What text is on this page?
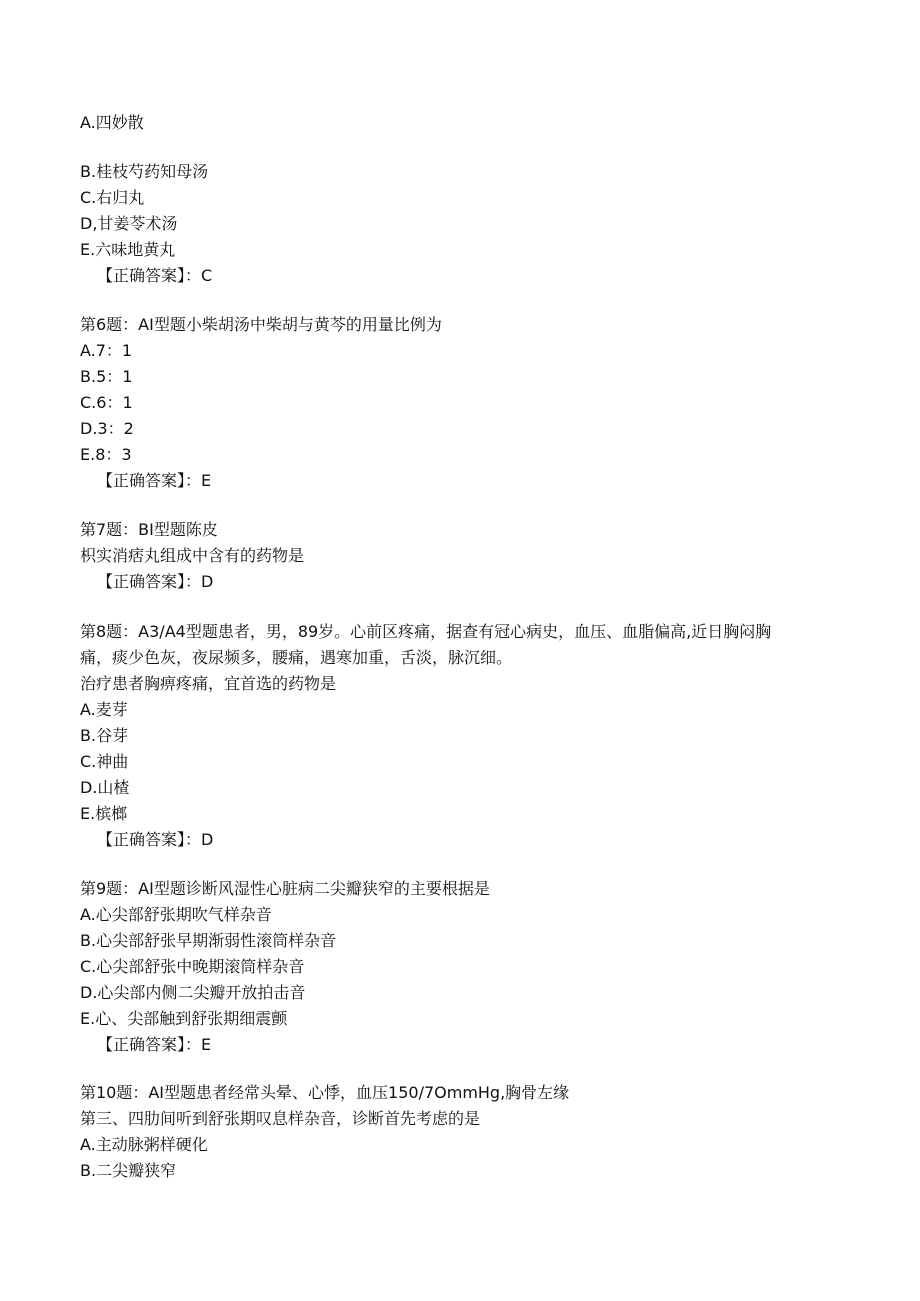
A.四妙散

B.桂枝芍药知母汤

C.右归丸

D,甘姜苓术汤

E.六味地黄丸

【正确答案】：C

第6题：AI型题小柴胡汤中柴胡与黄芩的用量比例为

A.7：1

B.5：1

C.6：1

D.3：2

E.8：3

【正确答案】：E

第7题：BI型题陈皮

枳实消痞丸组成中含有的药物是

【正确答案】：D

第8题：A3/A4型题患者，男，89岁。心前区疼痛，据查有冠心病史，血压、血脂偏高,近日胸闷胸

痛，痰少色灰，夜尿频多，腰痛，遇寒加重，舌淡，脉沉细。

治疗患者胸痹疼痛，宜首选的药物是

A.麦芽

B.谷芽

C.神曲

D.山楂

E.槟榔

【正确答案】：D

第9题：AI型题诊断风湿性心脏病二尖瓣狭窄的主要根据是

A.心尖部舒张期吹气样杂音

B.心尖部舒张早期渐弱性滚筒样杂音

C.心尖部舒张中晚期滚筒样杂音

D.心尖部内侧二尖瓣开放拍击音

E.心、尖部触到舒张期细震颤

【正确答案】：E

第10题：AI型题患者经常头晕、心悸，血压150/7OmmHg,胸骨左缘

第三、四肋间听到舒张期叹息样杂音，诊断首先考虑的是

A.主动脉粥样硬化

B.二尖瓣狭窄
